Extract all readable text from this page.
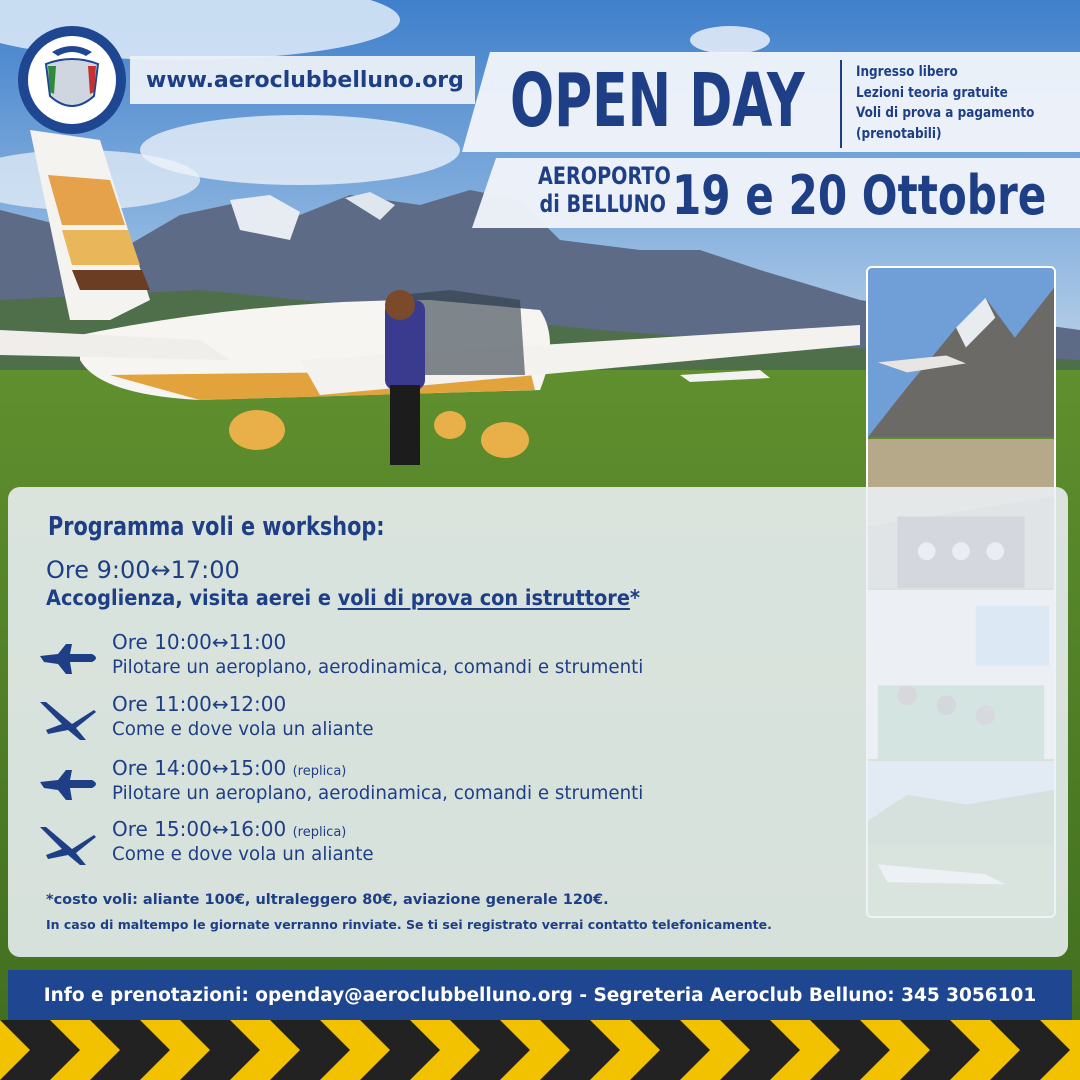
www.aeroclubbelluno.org OPEN DAY	Ingresso libero
Lezioni teoria gratuite
Voli di prova a pagamento
(prenotabili)
AEROPORTO
di BELLUNO 19 e 20 Ottobre
Programma voli e workshop:
Ore 9:00↔17:00
Accoglienza, visita aerei e voli di prova con istruttore*
Ore 10:00↔11:00
Pilotare un aeroplano, aerodinamica, comandi e strumenti
Ore 11:00↔12:00
Come e dove vola un aliante
Ore 14:00↔15:00 (replica)
Pilotare un aeroplano, aerodinamica, comandi e strumenti
Ore 15:00↔16:00 (replica)
Come e dove vola un aliante
*costo voli: aliante 100€, ultraleggero 80€, aviazione generale 120€.
In caso di maltempo le giornate verranno rinviate. Se ti sei registrato verrai contatto telefonicamente.
Info e prenotazioni: openday@aeroclubbelluno.org - Segreteria Aeroclub Belluno: 345 3056101
